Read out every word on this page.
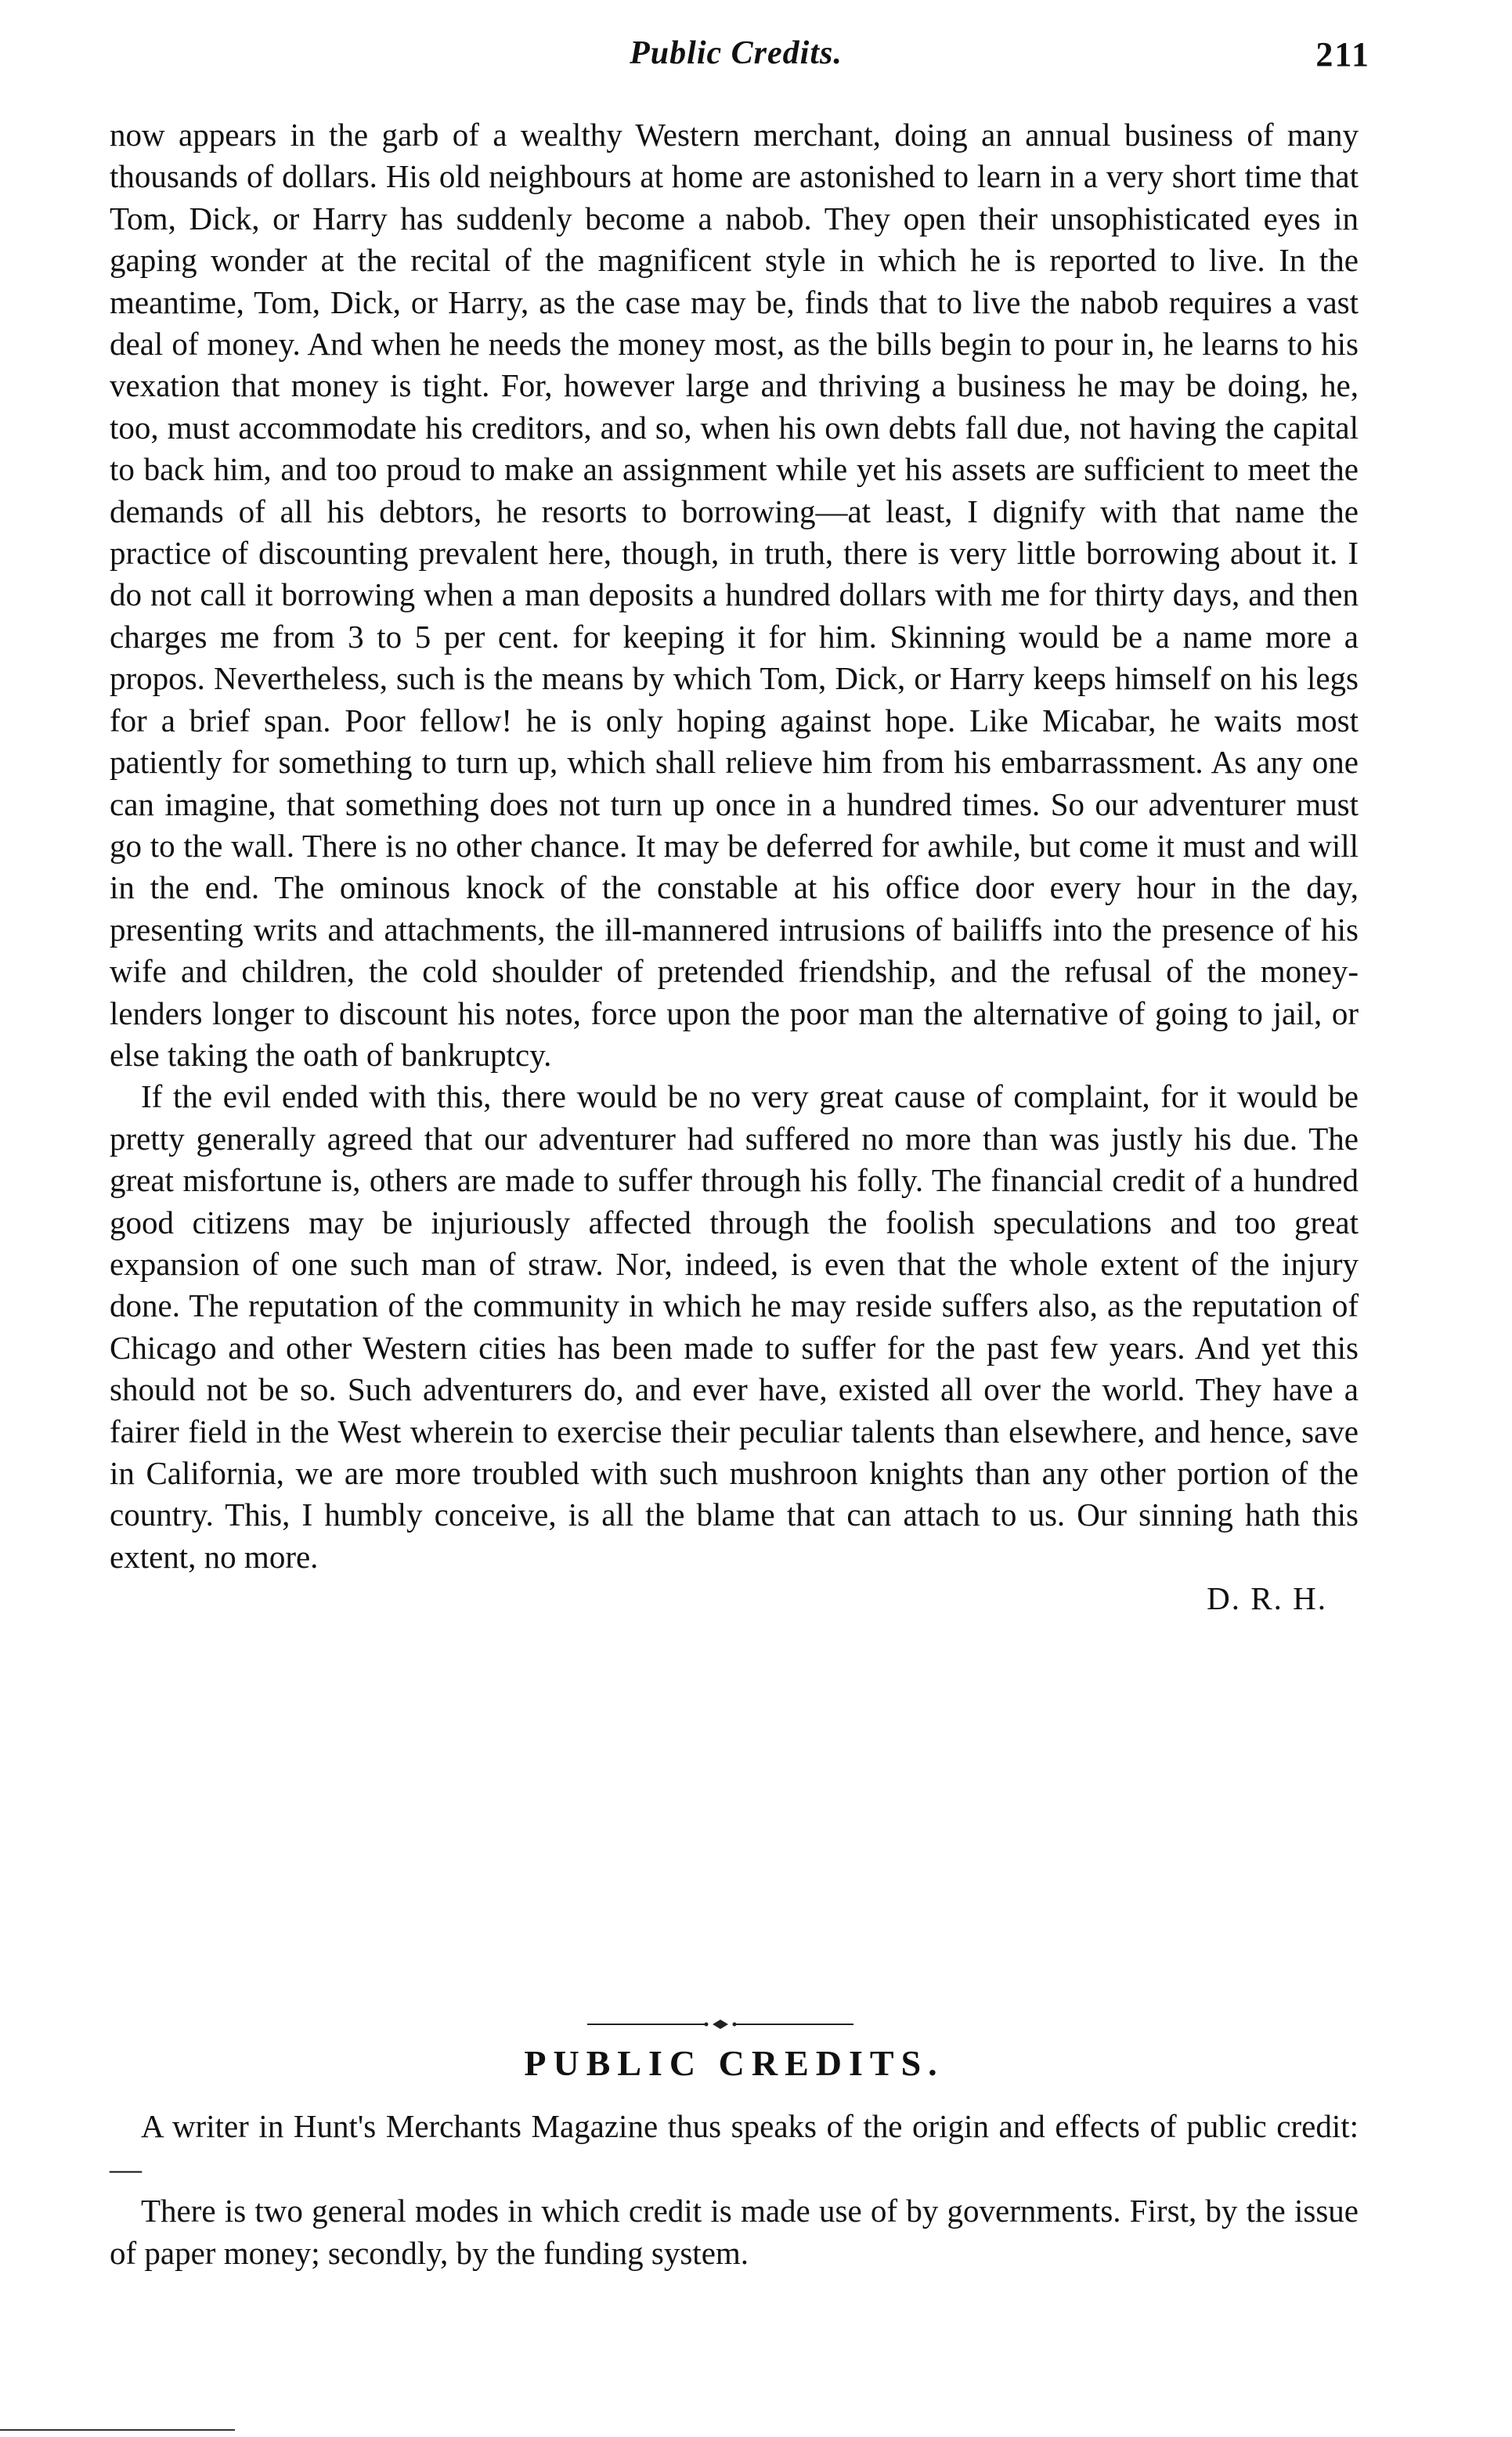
Public Credits.	211

now appears in the garb of a wealthy Western merchant, doing an annual business of many thousands of dollars. His old neighbours at home are astonished to learn in a very short time that Tom, Dick, or Harry has suddenly become a nabob. They open their unsophisticated eyes in gaping wonder at the recital of the magnificent style in which he is reported to live. In the meantime, Tom, Dick, or Harry, as the case may be, finds that to live the nabob requires a vast deal of money. And when he needs the money most, as the bills begin to pour in, he learns to his vexation that money is tight. For, however large and thriving a business he may be doing, he, too, must accommodate his creditors, and so, when his own debts fall due, not having the capital to back him, and too proud to make an assignment while yet his assets are sufficient to meet the demands of all his debtors, he resorts to borrowing—at least, I dignify with that name the practice of discounting prevalent here, though, in truth, there is very little borrowing about it. I do not call it borrowing when a man deposits a hundred dollars with me for thirty days, and then charges me from 3 to 5 per cent. for keeping it for him. Skinning would be a name more a propos. Nevertheless, such is the means by which Tom, Dick, or Harry keeps himself on his legs for a brief span. Poor fellow! he is only hoping against hope. Like Micabar, he waits most patiently for something to turn up, which shall relieve him from his embarrassment. As any one can imagine, that something does not turn up once in a hundred times. So our adventurer must go to the wall. There is no other chance. It may be deferred for awhile, but come it must and will in the end. The ominous knock of the constable at his office door every hour in the day, presenting writs and attachments, the ill-mannered intrusions of bailiffs into the presence of his wife and children, the cold shoulder of pretended friendship, and the refusal of the money-lenders longer to discount his notes, force upon the poor man the alternative of going to jail, or else taking the oath of bankruptcy.

If the evil ended with this, there would be no very great cause of complaint, for it would be pretty generally agreed that our adventurer had suffered no more than was justly his due. The great misfortune is, others are made to suffer through his folly. The financial credit of a hundred good citizens may be injuriously affected through the foolish speculations and too great expansion of one such man of straw. Nor, indeed, is even that the whole extent of the injury done. The reputation of the community in which he may reside suffers also, as the reputation of Chicago and other Western cities has been made to suffer for the past few years. And yet this should not be so. Such adventurers do, and ever have, existed all over the world. They have a fairer field in the West wherein to exercise their peculiar talents than elsewhere, and hence, save in California, we are more troubled with such mushroon knights than any other portion of the country. This, I humbly conceive, is all the blame that can attach to us. Our sinning hath this extent, no more.

D. R. H.

PUBLIC CREDITS.

A writer in Hunt's Merchants Magazine thus speaks of the origin and effects of public credit:—

There is two general modes in which credit is made use of by governments. First, by the issue of paper money; secondly, by the funding system.
